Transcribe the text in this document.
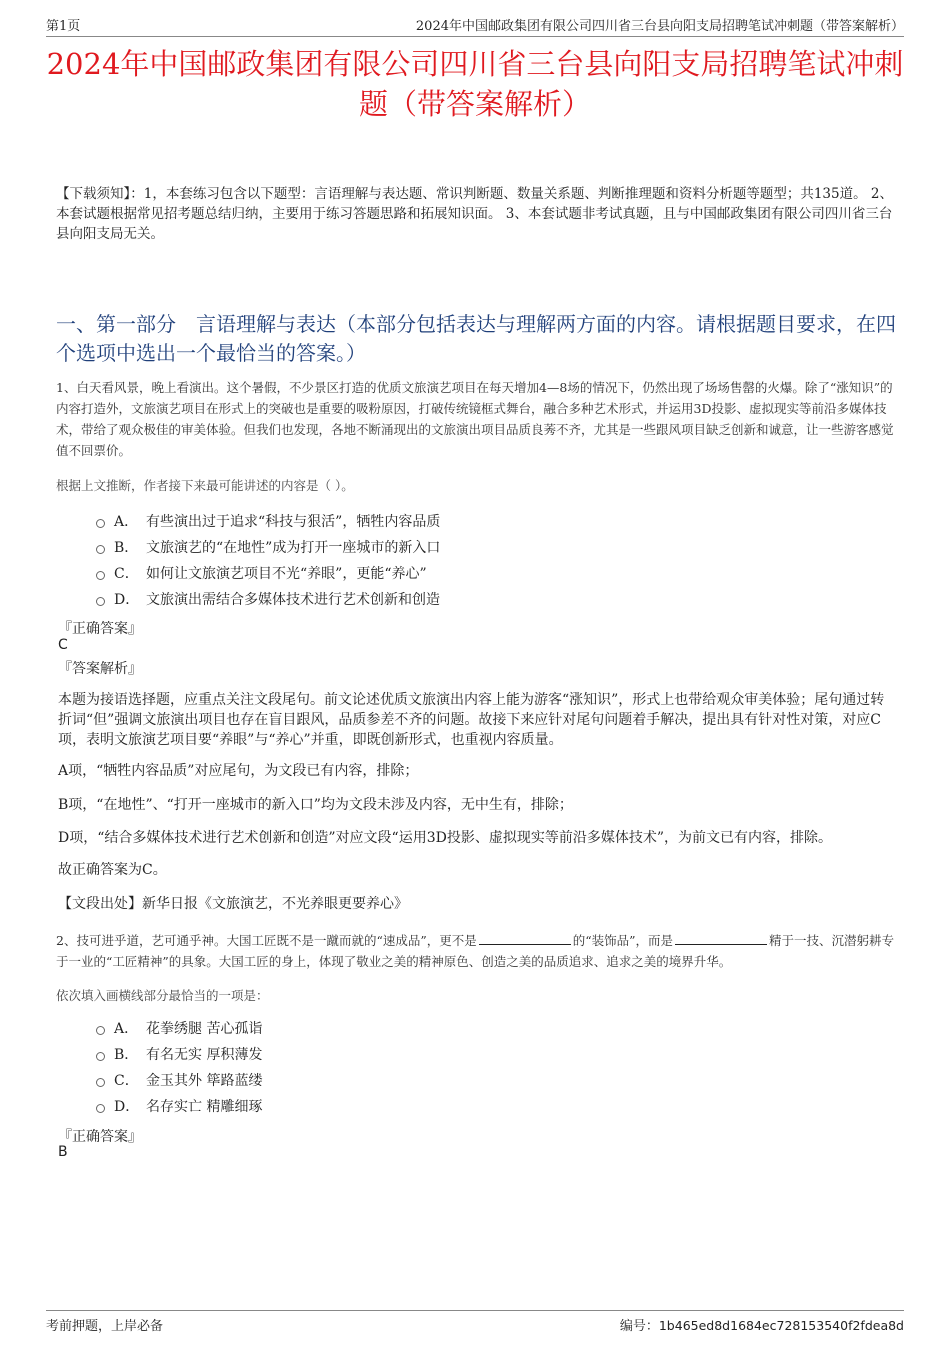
第1页	2024年中国邮政集团有限公司四川省三台县向阳支局招聘笔试冲刺题（带答案解析）
2024年中国邮政集团有限公司四川省三台县向阳支局招聘笔试冲刺题（带答案解析）
【下载须知】：1，本套练习包含以下题型：言语理解与表达题、常识判断题、数量关系题、判断推理题和资料分析题等题型；共135道。 2、本套试题根据常见招考题总结归纳，主要用于练习答题思路和拓展知识面。 3、本套试题非考试真题，且与中国邮政集团有限公司四川省三台县向阳支局无关。
一、第一部分　言语理解与表达（本部分包括表达与理解两方面的内容。请根据题目要求，在四个选项中选出一个最恰当的答案。）
1、白天看风景，晚上看演出。这个暑假，不少景区打造的优质文旅演艺项目在每天增加4—8场的情况下，仍然出现了场场售罄的火爆。除了“涨知识”的内容打造外，文旅演艺项目在形式上的突破也是重要的吸粉原因，打破传统镜框式舞台，融合多种艺术形式，并运用3D投影、虚拟现实等前沿多媒体技术，带给了观众极佳的审美体验。但我们也发现，各地不断涌现出的文旅演出项目品质良莠不齐，尤其是一些跟风项目缺乏创新和诚意，让一些游客感觉值不回票价。
根据上文推断，作者接下来最可能讲述的内容是（ ）。
A． 有些演出过于追求“科技与狠活”，牺牲内容品质
B． 文旅演艺的“在地性”成为打开一座城市的新入口
C． 如何让文旅演艺项目不光“养眼”，更能“养心”
D． 文旅演出需结合多媒体技术进行艺术创新和创造
『正确答案』
C
『答案解析』
本题为接语选择题，应重点关注文段尾句。前文论述优质文旅演出内容上能为游客“涨知识”，形式上也带给观众审美体验；尾句通过转折词“但”强调文旅演出项目也存在盲目跟风，品质参差不齐的问题。故接下来应针对尾句问题着手解决，提出具有针对性对策，对应C项，表明文旅演艺项目要“养眼”与“养心”并重，即既创新形式，也重视内容质量。
A项，“牺牲内容品质”对应尾句，为文段已有内容，排除；
B项，“在地性”、“打开一座城市的新入口”均为文段未涉及内容，无中生有，排除；
D项，“结合多媒体技术进行艺术创新和创造”对应文段“运用3D投影、虚拟现实等前沿多媒体技术”，为前文已有内容，排除。
故正确答案为C。
【文段出处】新华日报《文旅演艺，不光养眼更要养心》
2、技可进乎道，艺可通乎神。大国工匠既不是一蹴而就的“速成品”，更不是	的“装饰品”，而是	精于一技、沉潜躬耕专于一业的“工匠精神”的具象。大国工匠的身上，体现了敬业之美的精神原色、创造之美的品质追求、追求之美的境界升华。
依次填入画横线部分最恰当的一项是：
A． 花拳绣腿 苦心孤诣
B． 有名无实 厚积薄发
C． 金玉其外 筚路蓝缕
D． 名存实亡 精雕细琢
『正确答案』
B
考前押题，上岸必备	编号：1b465ed8d1684ec728153540f2fdea8d
